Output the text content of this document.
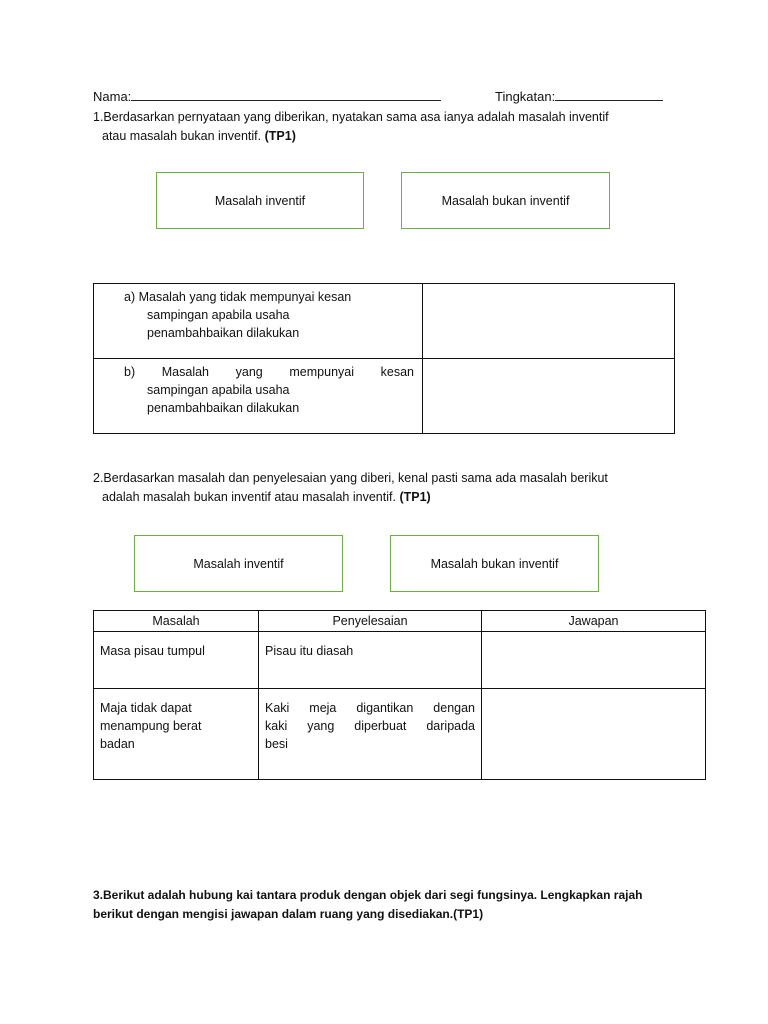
Nama:	Tingkatan:
1.Berdasarkan pernyataan yang diberikan, nyatakan sama asa ianya adalah masalah inventif
atau masalah bukan inventif. (TP1)
Masalah inventif	Masalah bukan inventif
a) Masalah yang tidak mempunyai kesan
sampingan apabila usaha
penambahbaikan dilakukan	

b) Masalah yang mempunyai kesan
sampingan apabila usaha
penambahbaikan dilakukan	

2.Berdasarkan masalah dan penyelesaian yang diberi, kenal pasti sama ada masalah berikut
adalah masalah bukan inventif atau masalah inventif. (TP1)
Masalah inventif	Masalah bukan inventif
Masalah	Penyelesaian	Jawapan
Masa pisau tumpul	Pisau itu diasah	

Maja tidak dapat
menampung berat
badan	Kaki meja digantikan dengan
kaki yang diperbuat daripada
besi	

3.Berikut adalah hubung kai tantara produk dengan objek dari segi fungsinya. Lengkapkan rajah
berikut dengan mengisi jawapan dalam ruang yang disediakan.(TP1)
